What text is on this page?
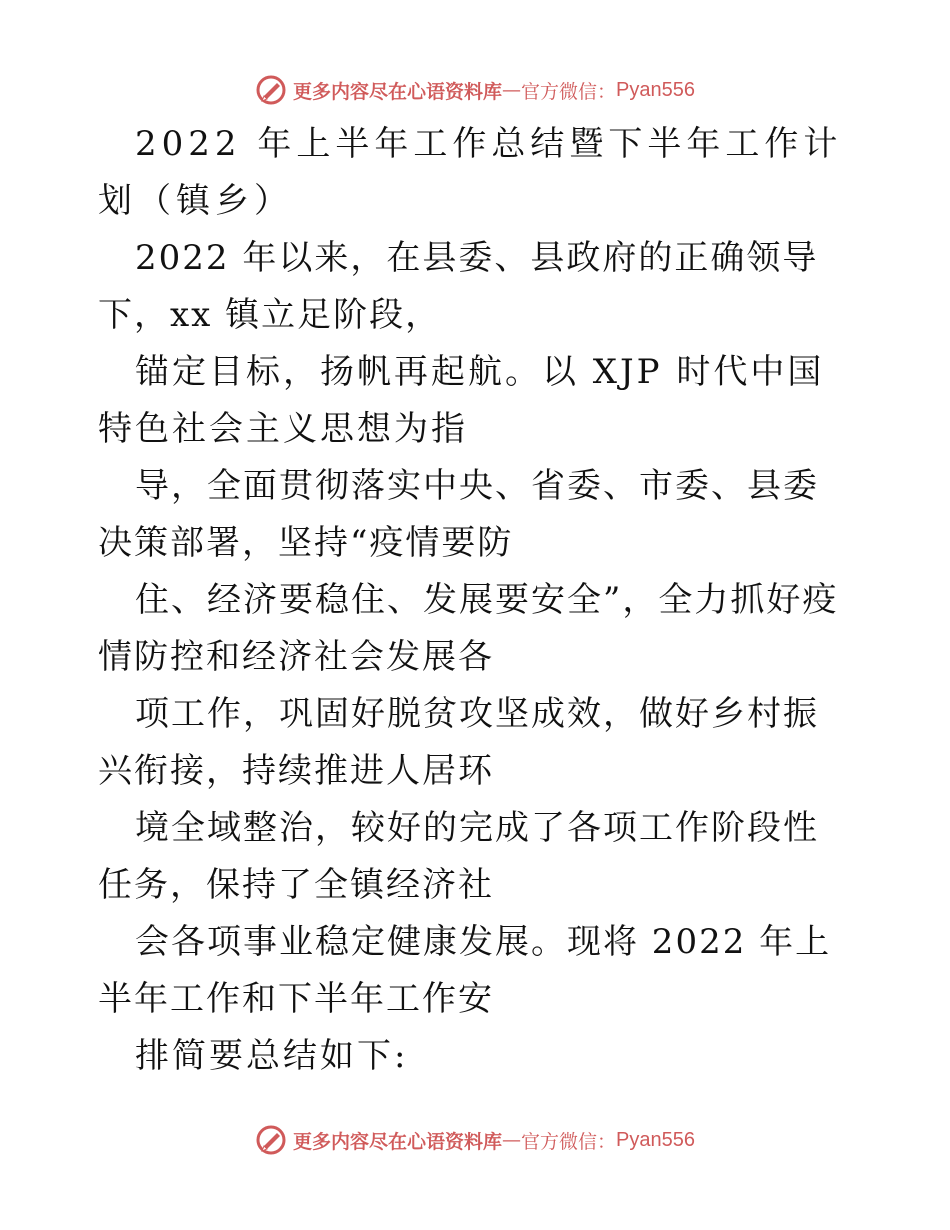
更多内容尽在心语资料库 — 官方微信： Pyan556

2022 年上半年工作总结暨下半年工作计划（镇乡）

2022 年以来，在县委、县政府的正确领导下，xx 镇立足阶段，

锚定目标，扬帆再起航。以 XJP 时代中国特色社会主义思想为指

导，全面贯彻落实中央、省委、市委、县委决策部署，坚持“疫情要防

住、经济要稳住、发展要安全”，全力抓好疫情防控和经济社会发展各

项工作，巩固好脱贫攻坚成效，做好乡村振兴衔接，持续推进人居环

境全域整治，较好的完成了各项工作阶段性任务，保持了全镇经济社

会各项事业稳定健康发展。现将 2022 年上半年工作和下半年工作安

排简要总结如下:

更多内容尽在心语资料库 — 官方微信： Pyan556
